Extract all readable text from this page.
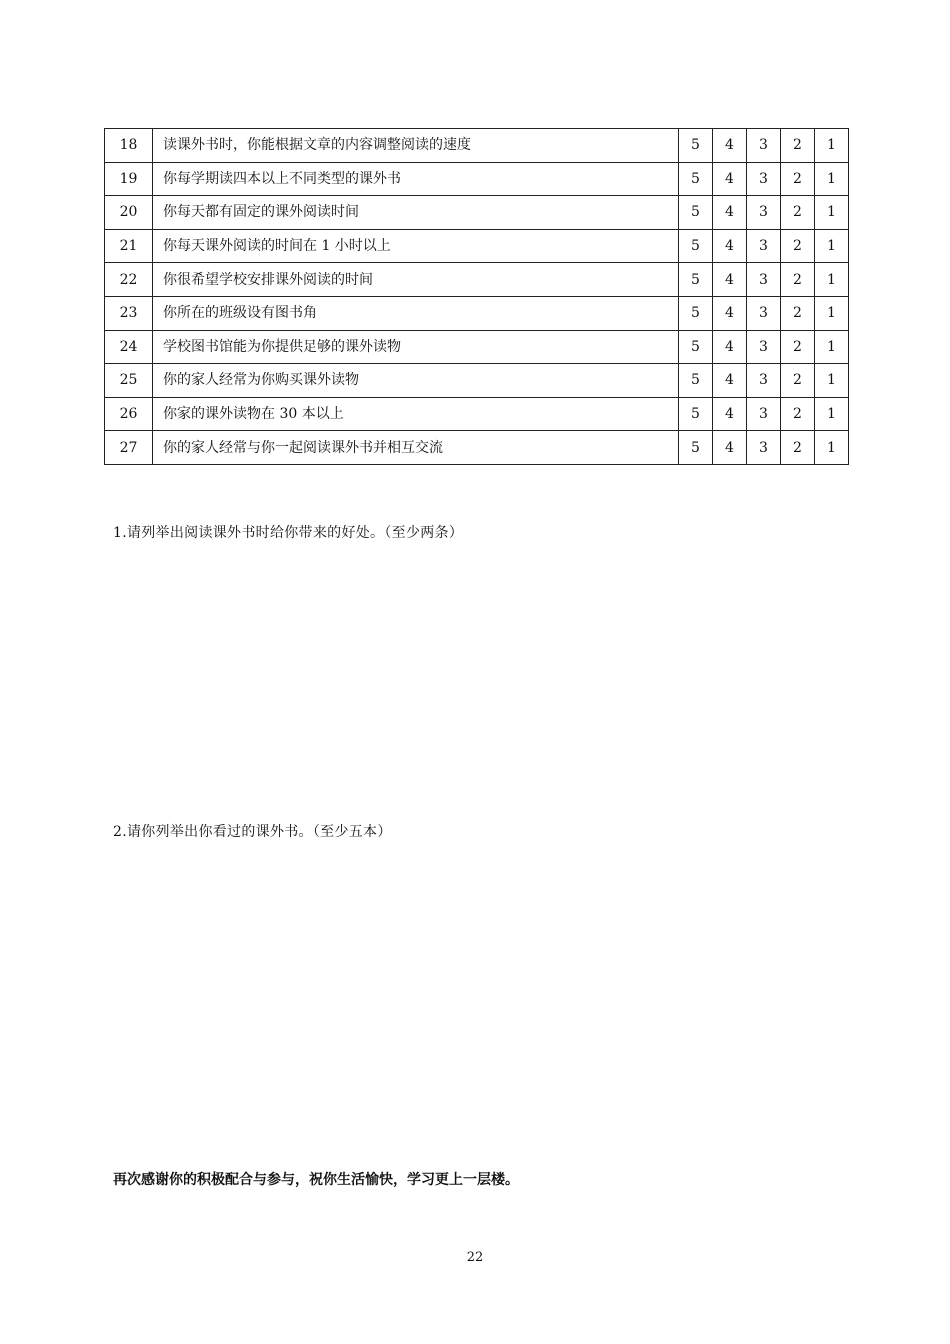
18	读课外书时，你能根据文章的内容调整阅读的速度	5	4	3	2	1
19	你每学期读四本以上不同类型的课外书	5	4	3	2	1
20	你每天都有固定的课外阅读时间	5	4	3	2	1
21	你每天课外阅读的时间在 1 小时以上	5	4	3	2	1
22	你很希望学校安排课外阅读的时间	5	4	3	2	1
23	你所在的班级设有图书角	5	4	3	2	1
24	学校图书馆能为你提供足够的课外读物	5	4	3	2	1
25	你的家人经常为你购买课外读物	5	4	3	2	1
26	你家的课外读物在 30 本以上	5	4	3	2	1
27	你的家人经常与你一起阅读课外书并相互交流	5	4	3	2	1
1.请列举出阅读课外书时给你带来的好处。（至少两条）
2.请你列举出你看过的课外书。（至少五本）
再次感谢你的积极配合与参与，祝你生活愉快，学习更上一层楼。
22
